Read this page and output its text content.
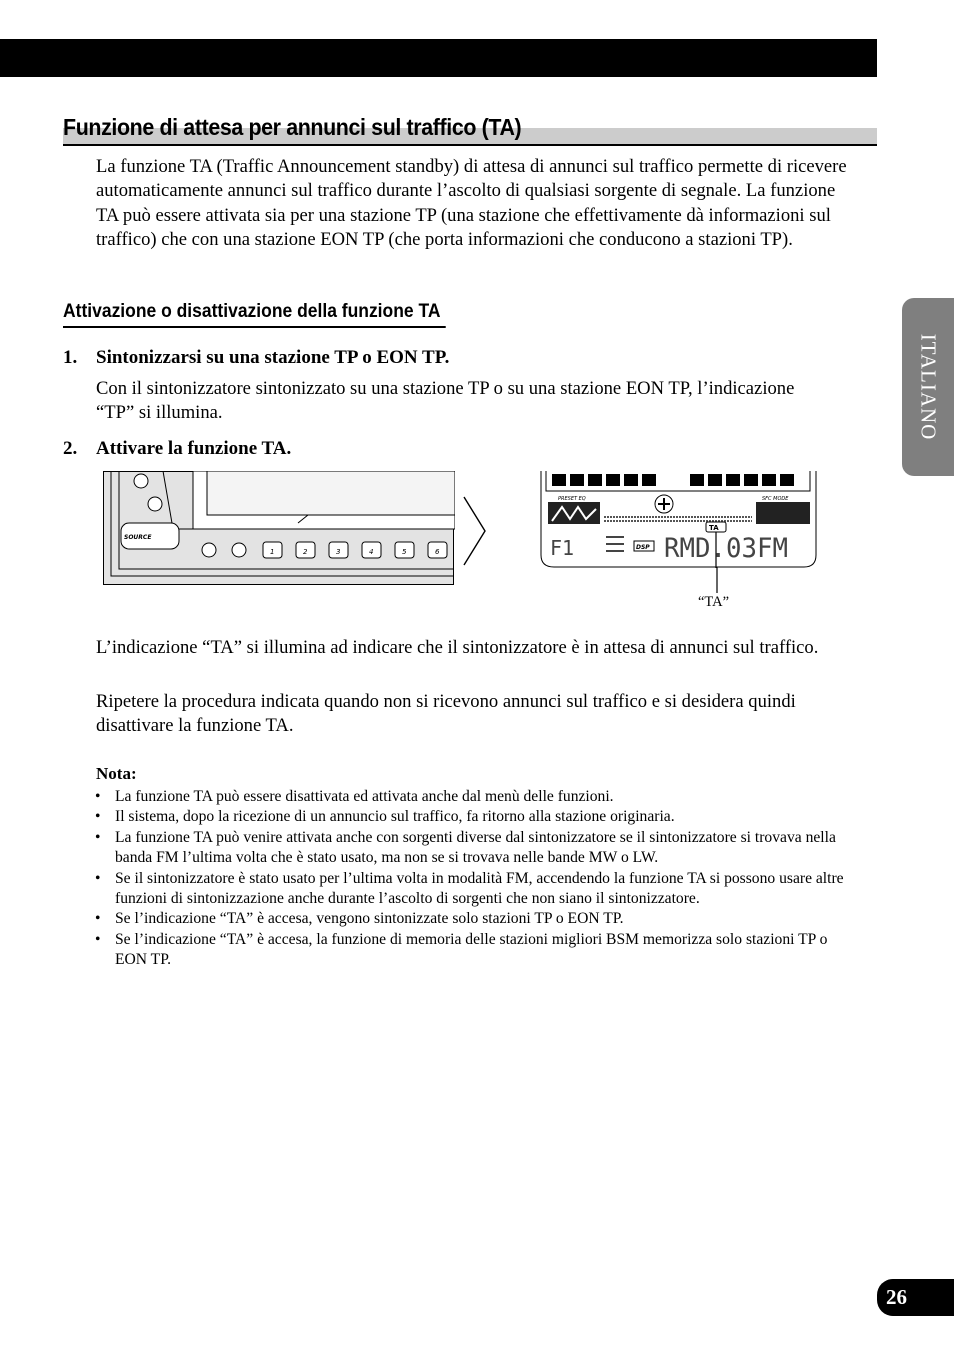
Funzione di attesa per annunci sul traffico (TA)

La funzione TA (Traffic Announcement standby) di attesa di annunci sul traffico permette di ricevere automaticamente annunci sul traffico durante l’ascolto di qualsiasi sorgente di segnale. La funzione TA può essere attivata sia per una stazione TP (una stazione che effettivamente dà informazioni sul traffico) che con una stazione EON TP (che porta informazioni che conducono a stazioni TP).

Attivazione o disattivazione della funzione TA
1. Sintonizzarsi su una stazione TP o EON TP.

Con il sintonizzatore sintonizzato su una stazione TP o su una stazione EON TP, l’indicazione “TP” si illumina.

2. Attivare la funzione TA.
SOURCE
1	2	3	4	5	6
PRESET EQ	SFC MODE
TA
F1	DSP RMD.03FM
“TA”

L’indicazione “TA” si illumina ad indicare che il sintonizzatore è in attesa di annunci sul traffico.

Ripetere la procedura indicata quando non si ricevono annunci sul traffico e si desidera quindi disattivare la funzione TA.

Nota:
• La funzione TA può essere disattivata ed attivata anche dal menù delle funzioni.
• Il sistema, dopo la ricezione di un annuncio sul traffico, fa ritorno alla stazione originaria.
• La funzione TA può venire attivata anche con sorgenti diverse dal sintonizzatore se il sintonizzatore si trovava nella banda FM l’ultima volta che è stato usato, ma non se si trovava nelle bande MW o LW.
• Se il sintonizzatore è stato usato per l’ultima volta in modalità FM, accendendo la funzione TA si possono usare altre funzioni di sintonizzazione anche durante l’ascolto di sorgenti che non siano il sintonizzatore.
• Se l’indicazione “TA” è accesa, vengono sintonizzate solo stazioni TP o EON TP.
• Se l’indicazione “TA” è accesa, la funzione di memoria delle stazioni migliori BSM memorizza solo stazioni TP o EON TP.
ITALIANO
26
